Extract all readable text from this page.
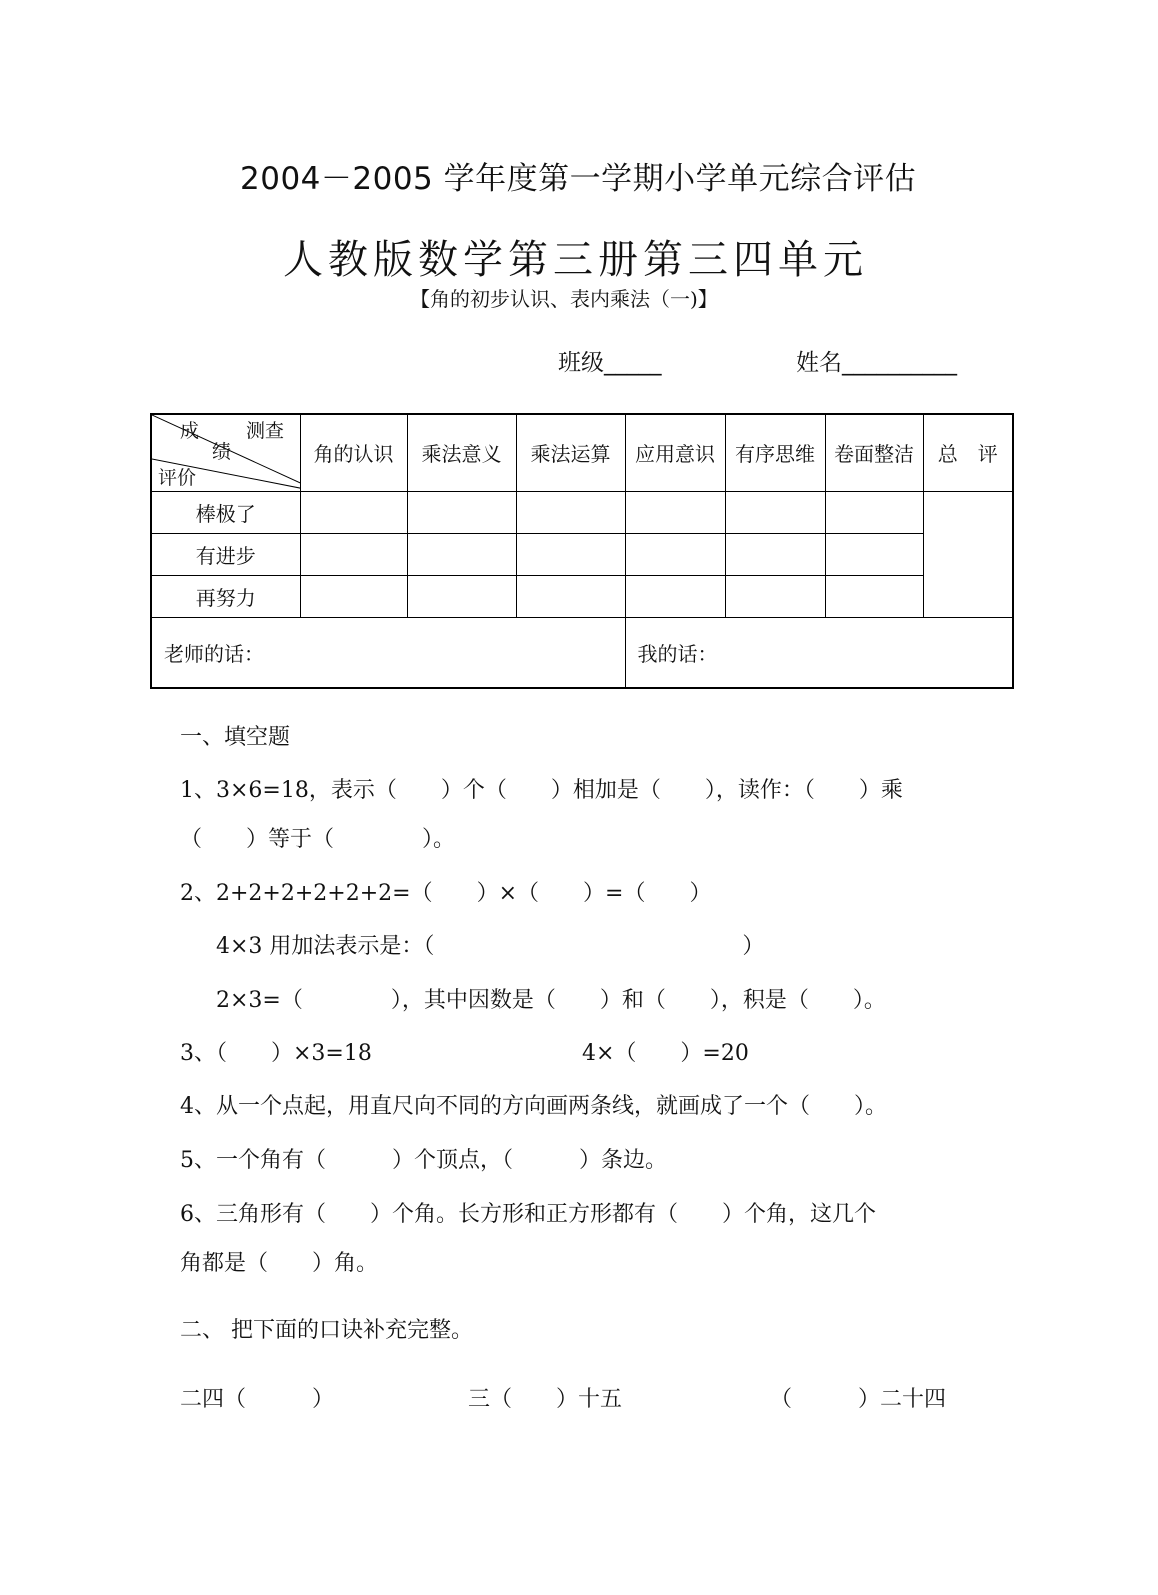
2004－2005 学年度第一学期小学单元综合评估
人教版数学第三册第三四单元
【角的初步认识、表内乘法（一)】
班级_____	姓名__________
成 测查
绩
评价	角的认识	乘法意义	乘法运算	应用意识	有序思维	卷面整洁	总　评
棒极了							
有进步							
再努力							
老师的话：				我的话：			
一、填空题
1、3×6=18，表示（　　）个（　　）相加是（　　），读作：（　　）乘
（　　）等于（　　　　）。
2、2+2+2+2+2+2=（　　）×（　　）=（　　）
4×3 用加法表示是：（　　　　　　　　　　　　　　）
2×3=（　　　　），其中因数是（　　）和（　　），积是（　　）。
3、（　　）×3=18	4×（　　）=20
4、从一个点起，用直尺向不同的方向画两条线，就画成了一个（　　）。
5、一个角有（　　　）个顶点，（　　　）条边。
6、三角形有（　　）个角。长方形和正方形都有（　　）个角，这几个
角都是（　　）角。
二、 把下面的口诀补充完整。
二四（　　　）	三（　　）十五	（　　　）二十四
